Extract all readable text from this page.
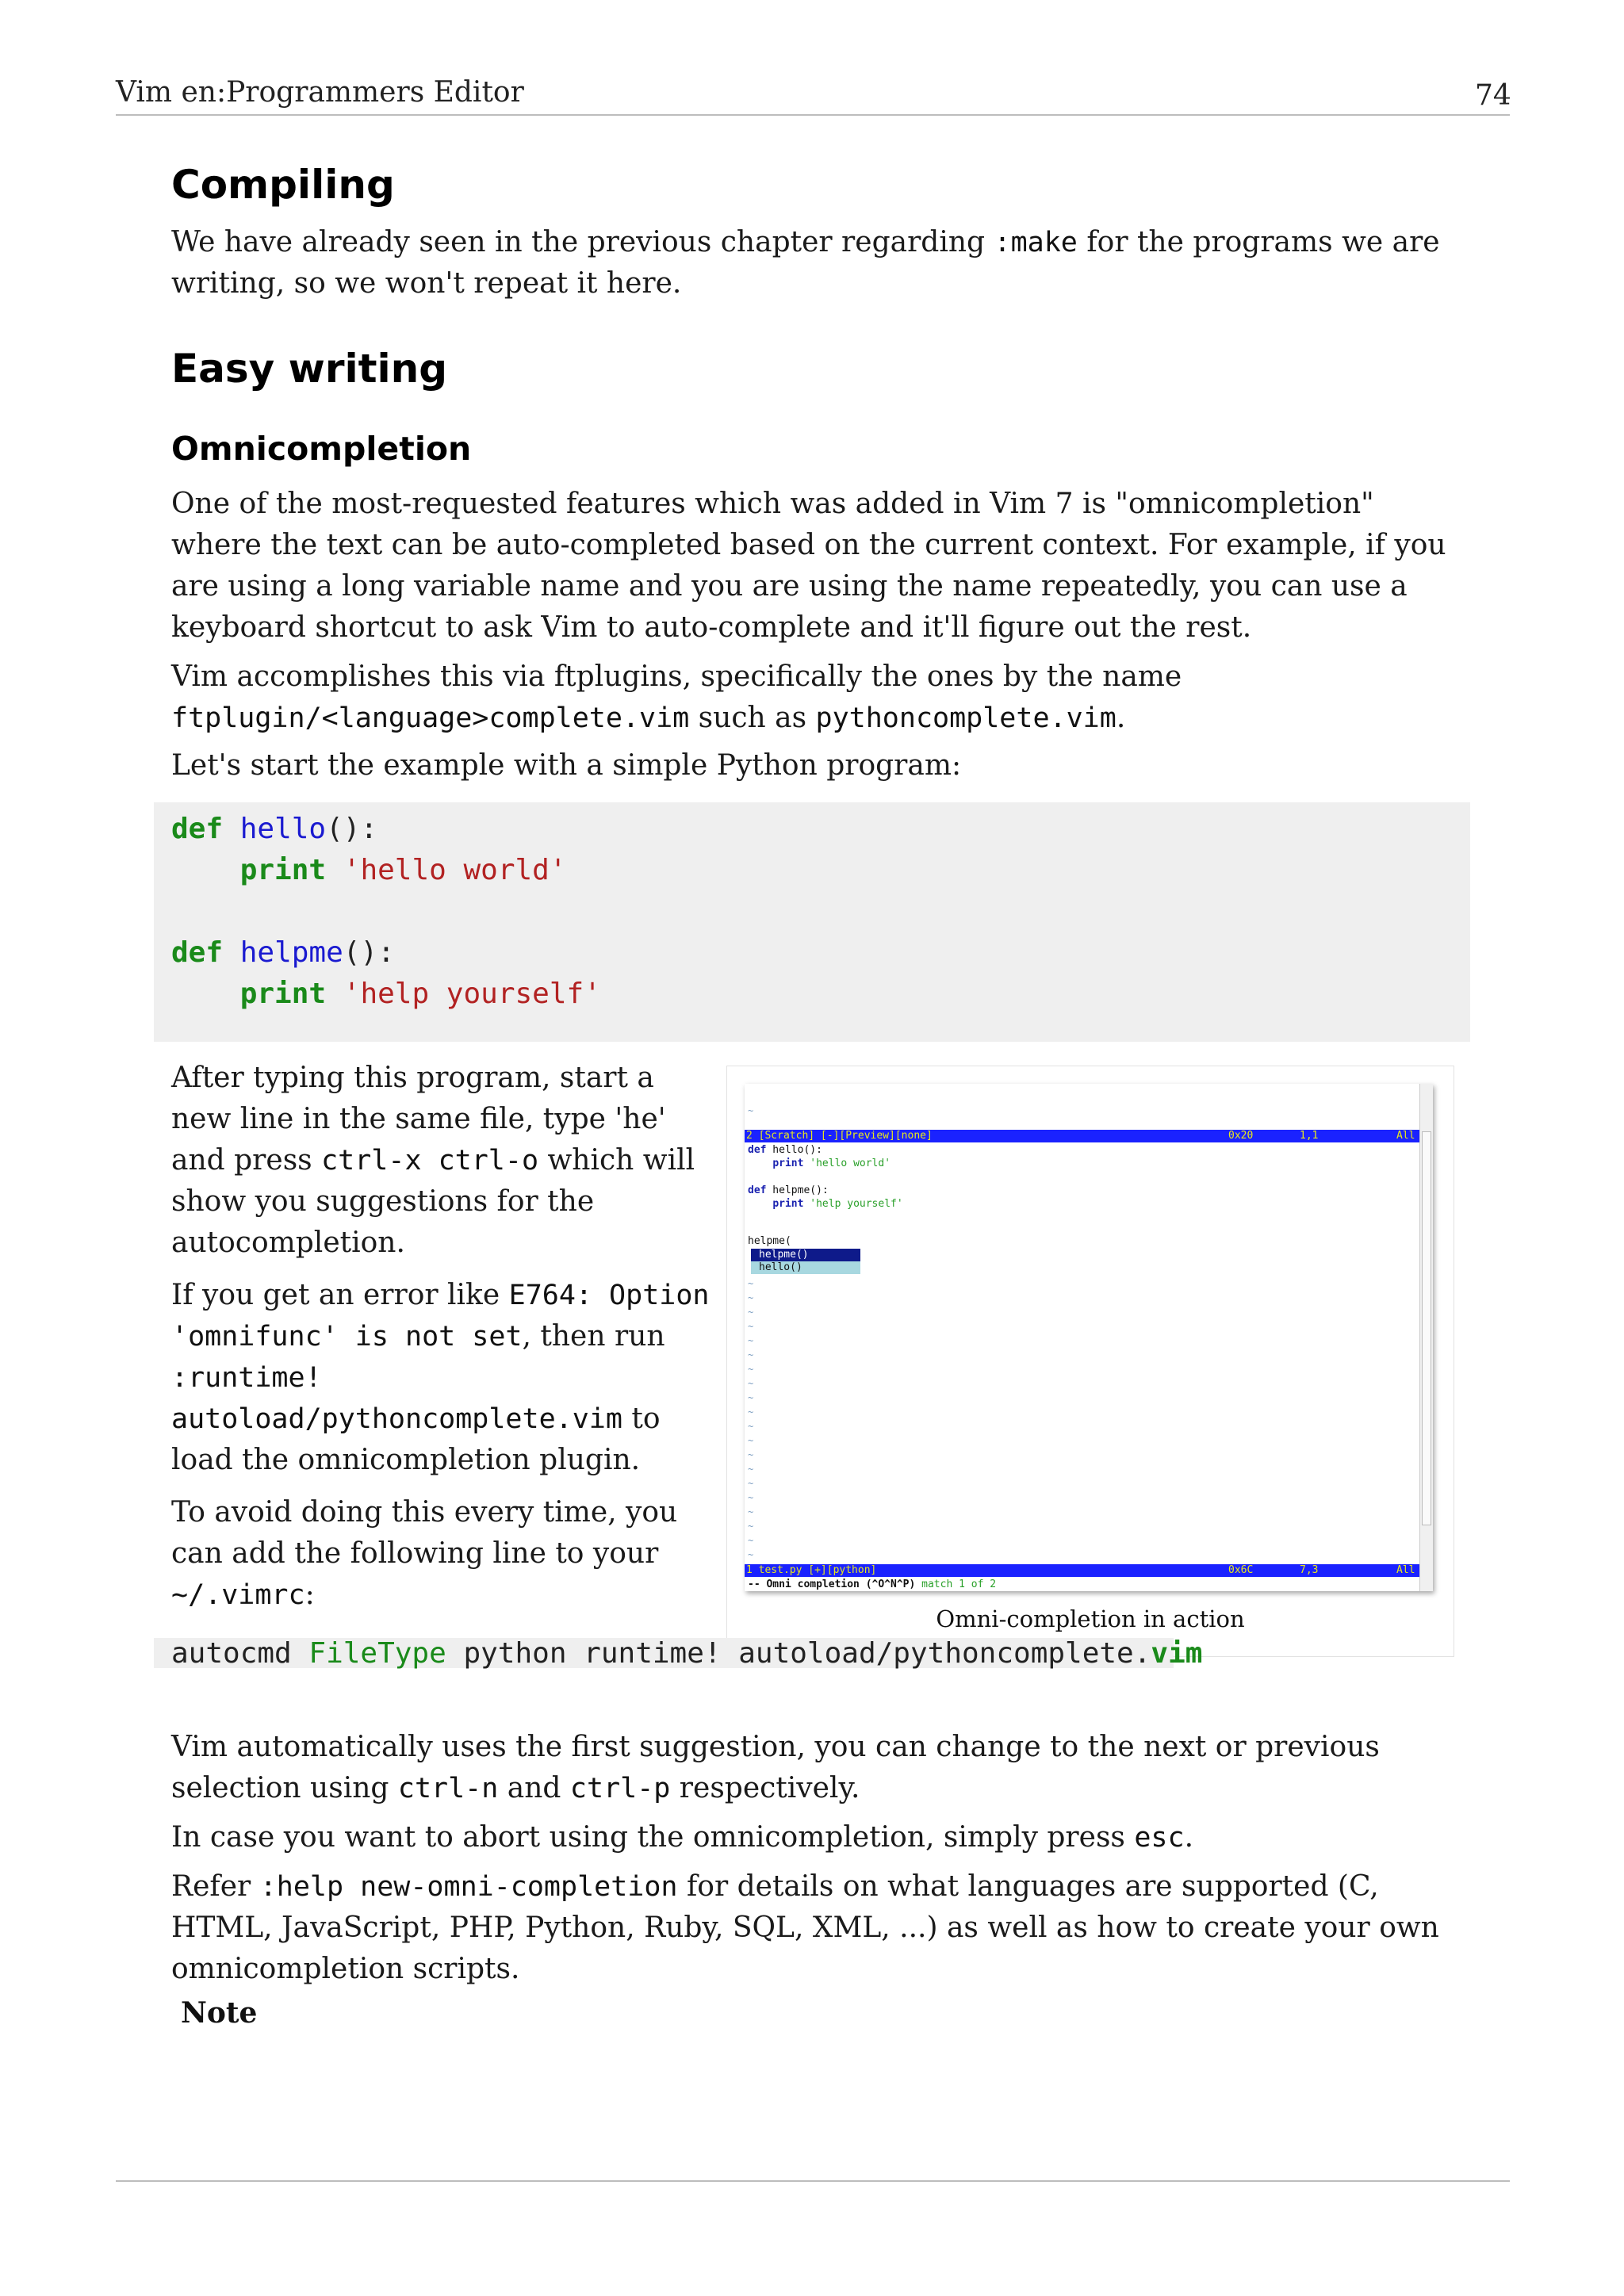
Vim en:Programmers Editor	74
Compiling
We have already seen in the previous chapter regarding :make for the programs we are writing, so we won't repeat it here.
Easy writing
Omnicompletion
One of the most-requested features which was added in Vim 7 is "omnicompletion" where the text can be auto-completed based on the current context. For example, if you are using a long variable name and you are using the name repeatedly, you can use a keyboard shortcut to ask Vim to auto-complete and it'll figure out the rest.
Vim accomplishes this via ftplugins, specifically the ones by the name
ftplugin/<language>complete.vim such as pythoncomplete.vim.
Let's start the example with a simple Python program:
def hello():
print 'hello world'

def helpme():
print 'help yourself'
After typing this program, start a new line in the same file, type 'he' and press ctrl-x ctrl-o which will show you suggestions for the autocompletion.
If you get an error like E764: Option 'omnifunc' is not set, then run :runtime! autoload/pythoncomplete.vim to load the omnicompletion plugin.
To avoid doing this every time, you can add the following line to your ~/.vimrc:
~
2 [Scratch] [-][Preview][none]	0x20	1,1	All
def hello():
print 'hello world'
def helpme():
print 'help yourself'
helpme(
helpme()
hello()
~
~
~
~
~
~
~
~
~
~
~
~
~
~
~
~
~
~
~
~
1 test.py [+][python]	0x6C	7,3	All
-- Omni completion (^O^N^P) match 1 of 2
Omni-completion in action
autocmd FileType python runtime! autoload/pythoncomplete.vim
Vim automatically uses the first suggestion, you can change to the next or previous selection using ctrl-n and ctrl-p respectively.
In case you want to abort using the omnicompletion, simply press esc.
Refer :help new-omni-completion for details on what languages are supported (C, HTML, JavaScript, PHP, Python, Ruby, SQL, XML, ...) as well as how to create your own omnicompletion scripts.
Note
